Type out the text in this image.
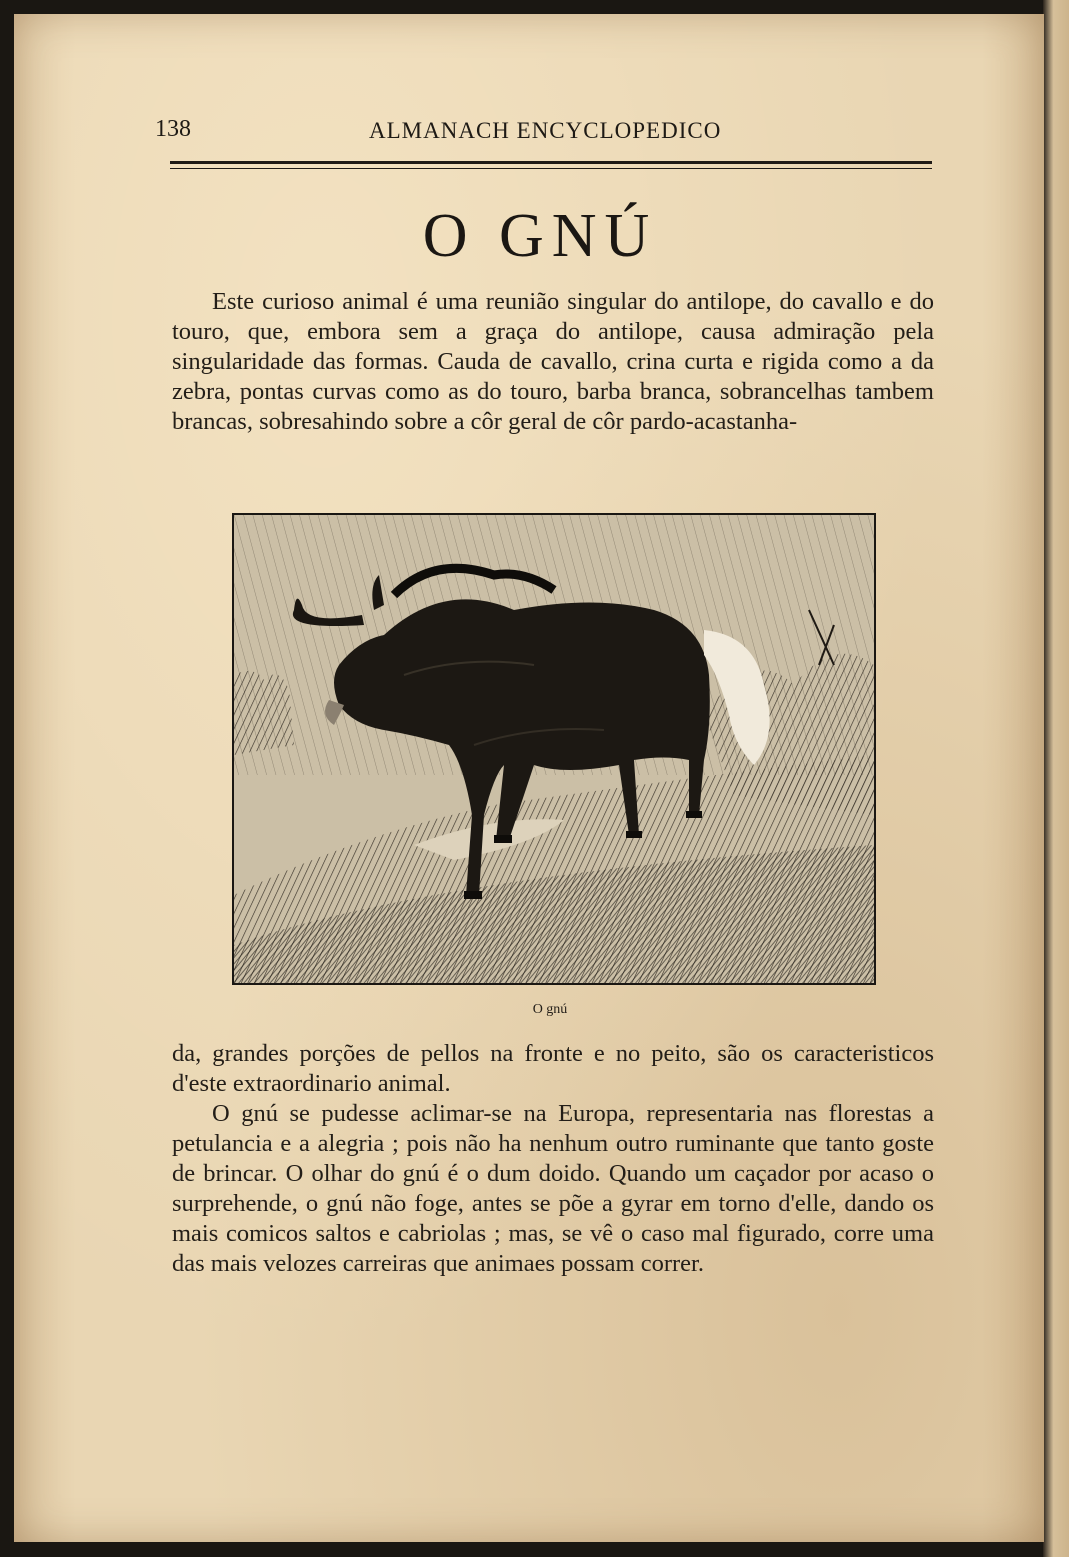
138	ALMANACH ENCYCLOPEDICO
O GNÚ

Este curioso animal é uma reunião singular do antilope, do cavallo e do touro, que, embora sem a graça do antilope, causa admiração pela singularidade das formas. Cauda de cavallo, crina curta e rigida como a da zebra, pontas curvas como as do touro, barba branca, sobrancelhas tambem brancas, sobresahindo sobre a côr geral de côr pardo-acastanha-

O gnú

da, grandes porções de pellos na fronte e no peito, são os caracteristicos d'este extraordinario animal.

O gnú se pudesse aclimar-se na Europa, representaria nas florestas a petulancia e a alegria ; pois não ha nenhum outro ruminante que tanto goste de brincar. O olhar do gnú é o dum doido. Quando um caçador por acaso o surprehende, o gnú não foge, antes se põe a gyrar em torno d'elle, dando os mais comicos saltos e cabriolas ; mas, se vê o caso mal figurado, corre uma das mais velozes carreiras que animaes possam correr.
